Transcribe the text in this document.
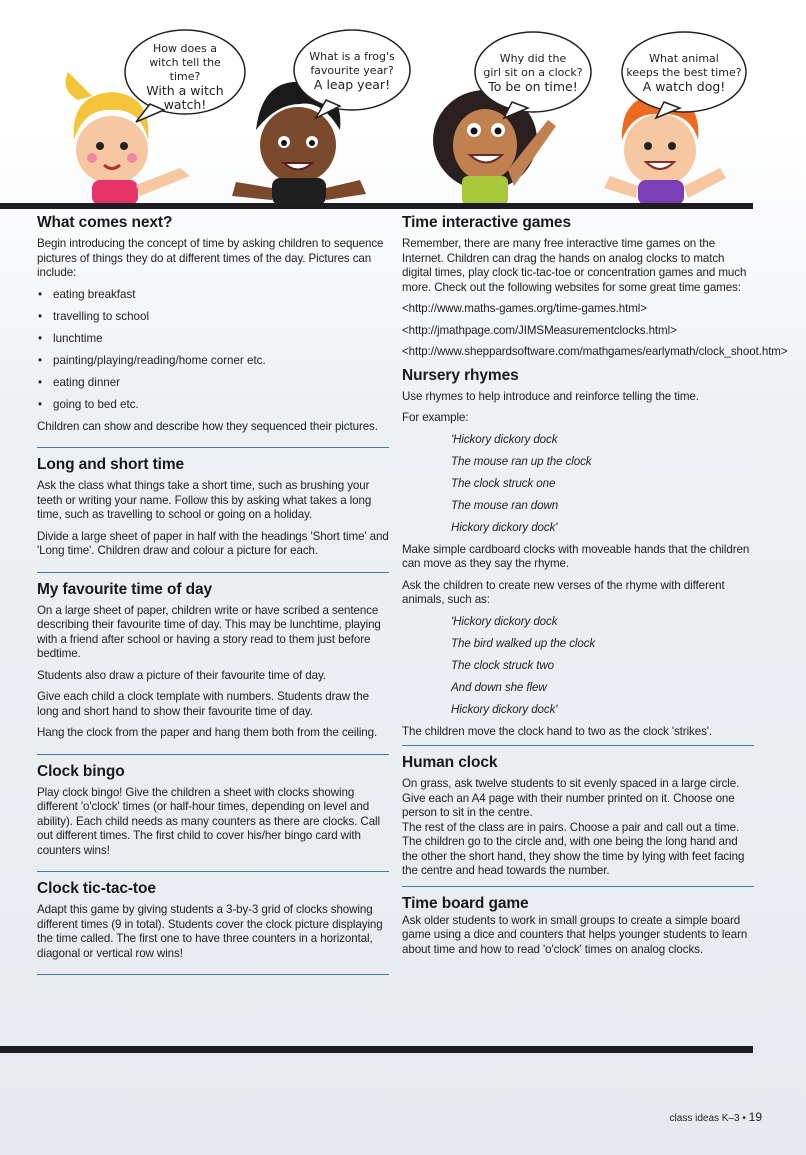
How does a
witch tell the time?
With a witch
watch!
What is a frog's
favourite year?
A leap year!
Why did the
girl sit on a clock?
To be on time!
What animal
keeps the best time?
A watch dog!
What comes next?

Begin introducing the concept of time by asking children to sequence pictures of things they do at different times of the day. Pictures can include:

• eating breakfast
• travelling to school
• lunchtime
• painting/playing/reading/home corner etc.
• eating dinner
• going to bed etc.

Children can show and describe how they sequenced their pictures.

Long and short time

Ask the class what things take a short time, such as brushing your teeth or writing your name. Follow this by asking what takes a long time, such as travelling to school or going on a holiday.

Divide a large sheet of paper in half with the headings 'Short time' and 'Long time'. Children draw and colour a picture for each.

My favourite time of day

On a large sheet of paper, children write or have scribed a sentence describing their favourite time of day. This may be lunchtime, playing with a friend after school or having a story read to them just before bedtime.

Students also draw a picture of their favourite time of day.

Give each child a clock template with numbers. Students draw the long and short hand to show their favourite time of day.

Hang the clock from the paper and hang them both from the ceiling.

Clock bingo

Play clock bingo! Give the children a sheet with clocks showing different 'o'clock' times (or half-hour times, depending on level and ability). Each child needs as many counters as there are clocks. Call out different times. The first child to cover his/her bingo card with counters wins!

Clock tic-tac-toe

Adapt this game by giving students a 3-by-3 grid of clocks showing different times (9 in total). Students cover the clock picture displaying the time called. The first one to have three counters in a horizontal, diagonal or vertical row wins!

Time interactive games

Remember, there are many free interactive time games on the Internet. Children can drag the hands on analog clocks to match digital times, play clock tic-tac-toe or concentration games and much more. Check out the following websites for some great time games:

<http://www.maths-games.org/time-games.html>

<http://jmathpage.com/JIMSMeasurementclocks.html>

<http://www.sheppardsoftware.com/mathgames/earlymath/clock_shoot.htm>

Nursery rhymes

Use rhymes to help introduce and reinforce telling the time.

For example:

'Hickory dickory dock

The mouse ran up the clock

The clock struck one

The mouse ran down

Hickory dickory dock'

Make simple cardboard clocks with moveable hands that the children can move as they say the rhyme.

Ask the children to create new verses of the rhyme with different animals, such as:

'Hickory dickory dock

The bird walked up the clock

The clock struck two

And down she flew

Hickory dickory dock'

The children move the clock hand to two as the clock 'strikes'.

Human clock

On grass, ask twelve students to sit evenly spaced in a large circle. Give each an A4 page with their number printed on it. Choose one person to sit in the centre.

The rest of the class are in pairs. Choose a pair and call out a time. The children go to the circle and, with one being the long hand and the other the short hand, they show the time by lying with feet facing the centre and head towards the number.

Time board game

Ask older students to work in small groups to create a simple board game using a dice and counters that helps younger students to learn about time and how to read 'o'clock' times on analog clocks.

class ideas K–3 • 19
